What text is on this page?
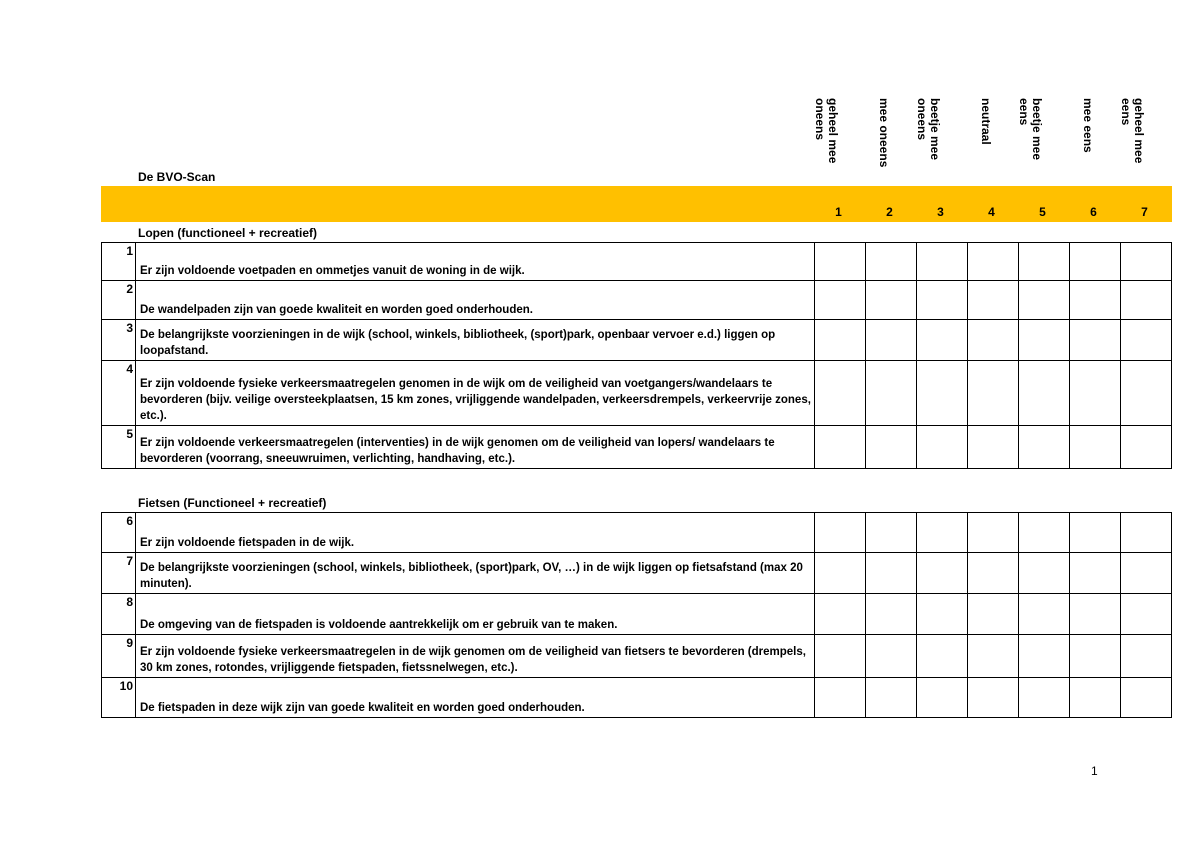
geheel mee oneens	mee oneens	beetje mee oneens	neutraal	beetje mee eens	mee eens	geheel mee eens
De BVO-Scan
1	2	3	4	5	6	7
Lopen (functioneel + recreatief)
1	Er zijn voldoende voetpaden en ommetjes vanuit de woning in de wijk.							
2	De wandelpaden zijn van goede kwaliteit en worden goed onderhouden.							
3	De belangrijkste voorzieningen in de wijk (school, winkels, bibliotheek, (sport)park, openbaar vervoer e.d.) liggen op loopafstand.							
4	Er zijn voldoende fysieke verkeersmaatregelen genomen in de wijk om de veiligheid van voetgangers/wandelaars te bevorderen (bijv. veilige oversteekplaatsen, 15 km zones, vrijliggende wandelpaden, verkeersdrempels, verkeervrije zones, etc.).							
5	Er zijn voldoende verkeersmaatregelen (interventies) in de wijk genomen om de veiligheid van lopers/ wandelaars te bevorderen (voorrang, sneeuwruimen, verlichting, handhaving, etc.).							
Fietsen (Functioneel + recreatief)
6	Er zijn voldoende fietspaden in de wijk.							
7	De belangrijkste voorzieningen (school, winkels, bibliotheek, (sport)park, OV, …) in de wijk liggen op fietsafstand (max 20 minuten).							
8	De omgeving van de fietspaden is voldoende aantrekkelijk om er gebruik van te maken.							
9	Er zijn voldoende fysieke verkeersmaatregelen in de wijk genomen om de veiligheid van fietsers te bevorderen (drempels, 30 km zones, rotondes, vrijliggende fietspaden, fietssnelwegen, etc.).							
10	De fietspaden in deze wijk zijn van goede kwaliteit en worden goed onderhouden.							
1
